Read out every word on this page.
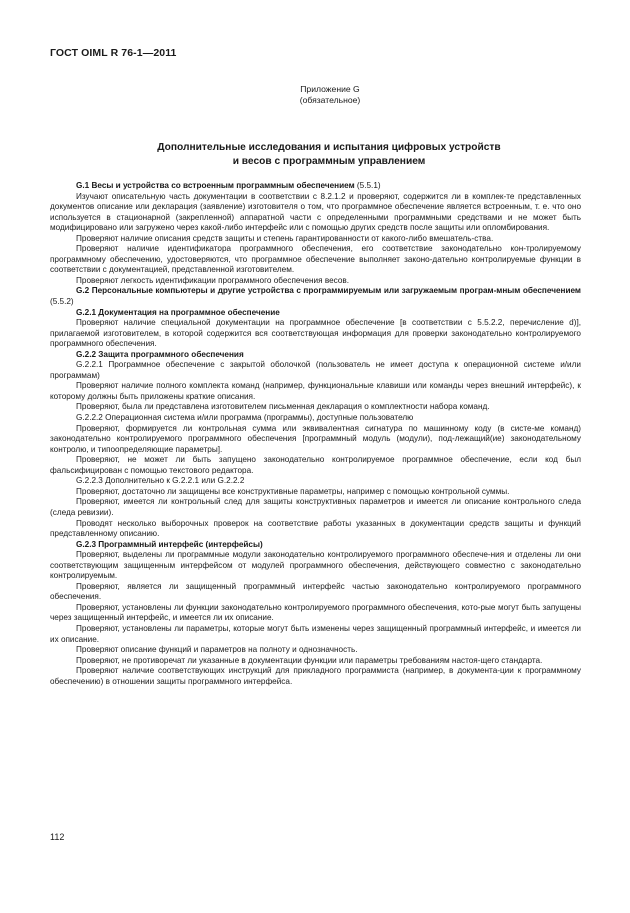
ГОСТ OIML R 76-1—2011
Приложение G
(обязательное)
Дополнительные исследования и испытания цифровых устройств
и весов с программным управлением

G.1 Весы и устройства со встроенным программным обеспечением (5.5.1)

Изучают описательную часть документации в соответствии с 8.2.1.2 и проверяют, содержится ли в комплек-те представленных документов описание или декларация (заявление) изготовителя о том, что программное обеспечение является встроенным, т. е. что оно используется в стационарной (закрепленной) аппаратной части с определенными программными средствами и не может быть модифицировано или загружено через какой-либо интерфейс или с помощью других средств после защиты или опломбирования.

Проверяют наличие описания средств защиты и степень гарантированности от какого-либо вмешатель-ства.

Проверяют наличие идентификатора программного обеспечения, его соответствие законодательно кон-тролируемому программному обеспечению, удостоверяются, что программное обеспечение выполняет законо-дательно контролируемые функции в соответствии с документацией, представленной изготовителем.

Проверяют легкость идентификации программного обеспечения весов.

G.2 Персональные компьютеры и другие устройства с программируемым или загружаемым програм-мным обеспечением (5.5.2)

G.2.1 Документация на программное обеспечение

Проверяют наличие специальной документации на программное обеспечение [в соответствии с 5.5.2.2, перечисление d)], прилагаемой изготовителем, в которой содержится вся соответствующая информация для проверки законодательно контролируемого программного обеспечения.

G.2.2 Защита программного обеспечения

G.2.2.1 Программное обеспечение с закрытой оболочкой (пользователь не имеет доступа к операционной системе и/или программам)

Проверяют наличие полного комплекта команд (например, функциональные клавиши или команды через внешний интерфейс), к которому должны быть приложены краткие описания.

Проверяют, была ли представлена изготовителем письменная декларация о комплектности набора команд.

G.2.2.2 Операционная система и/или программа (программы), доступные пользователю

Проверяют, формируется ли контрольная сумма или эквивалентная сигнатура по машинному коду (в систе-ме команд) законодательно контролируемого программного обеспечения [программный модуль (модули), под-лежащий(ие) законодательному контролю, и типоопределяющие параметры].

Проверяют, не может ли быть запущено законодательно контролируемое программное обеспечение, если код был фальсифицирован с помощью текстового редактора.

G.2.2.3 Дополнительно к G.2.2.1 или G.2.2.2

Проверяют, достаточно ли защищены все конструктивные параметры, например с помощью контрольной суммы.

Проверяют, имеется ли контрольный след для защиты конструктивных параметров и имеется ли описание контрольного следа (следа ревизии).

Проводят несколько выборочных проверок на соответствие работы указанных в документации средств защиты и функций представленному описанию.

G.2.3 Программный интерфейс (интерфейсы)

Проверяют, выделены ли программные модули законодательно контролируемого программного обеспече-ния и отделены ли они соответствующим защищенным интерфейсом от модулей программного обеспечения, действующего совместно с законодательно контролируемым.

Проверяют, является ли защищенный программный интерфейс частью законодательно контролируемого программного обеспечения.

Проверяют, установлены ли функции законодательно контролируемого программного обеспечения, кото-рые могут быть запущены через защищенный интерфейс, и имеется ли их описание.

Проверяют, установлены ли параметры, которые могут быть изменены через защищенный программный интерфейс, и имеется ли их описание.

Проверяют описание функций и параметров на полноту и однозначность.

Проверяют, не противоречат ли указанные в документации функции или параметры требованиям настоя-щего стандарта.

Проверяют наличие соответствующих инструкций для прикладного программиста (например, в документа-ции к программному обеспечению) в отношении защиты программного интерфейса.

112
